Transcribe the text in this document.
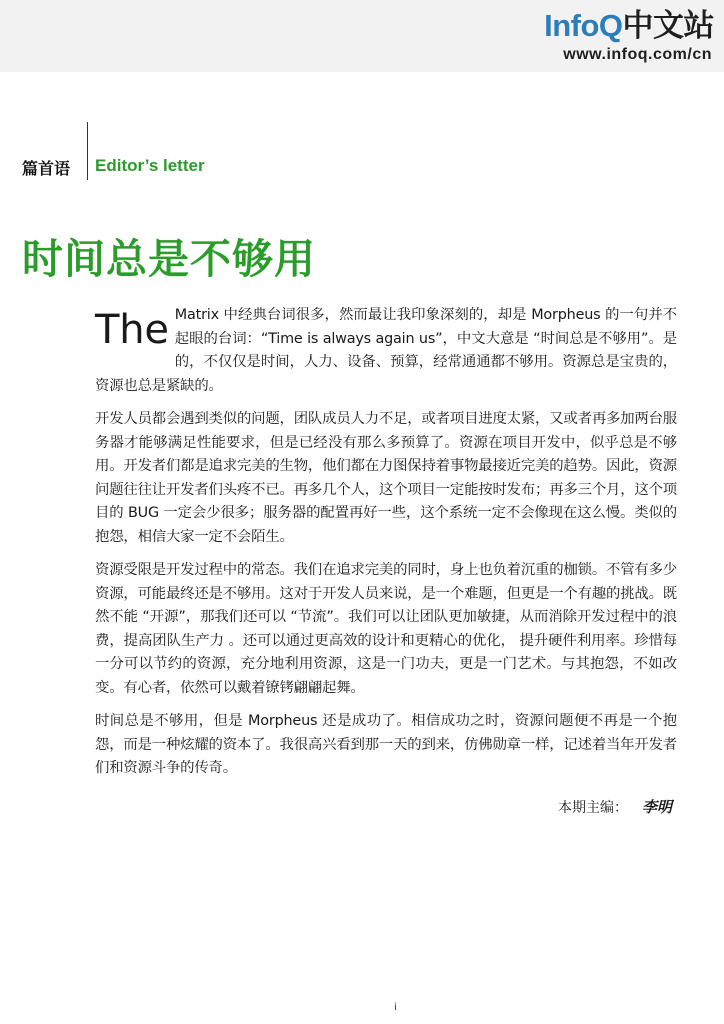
InfoQ中文站
www.infoq.com/cn
篇首语 Editor’s letter
时间总是不够用

The Matrix 中经典台词很多，然而最让我印象深刻的，却是 Morpheus 的一句并不起眼的台词：“Time is always again us”，中文大意是 “时间总是不够用”。是的，不仅仅是时间，人力、设备、预算，经常通通都不够用。资源总是宝贵的，资源也总是紧缺的。

开发人员都会遇到类似的问题，团队成员人力不足，或者项目进度太紧，又或者再多加两台服务器才能够满足性能要求，但是已经没有那么多预算了。资源在项目开发中，似乎总是不够用。开发者们都是追求完美的生物，他们都在力图保持着事物最接近完美的趋势。因此，资源问题往往让开发者们头疼不已。再多几个人，这个项目一定能按时发布；再多三个月，这个项目的 BUG 一定会少很多；服务器的配置再好一些，这个系统一定不会像现在这么慢。类似的抱怨，相信大家一定不会陌生。

资源受限是开发过程中的常态。我们在追求完美的同时，身上也负着沉重的枷锁。不管有多少资源，可能最终还是不够用。这对于开发人员来说，是一个难题，但更是一个有趣的挑战。既然不能 “开源”，那我们还可以 “节流”。我们可以让团队更加敏捷，从而消除开发过程中的浪费，提高团队生产力 。还可以通过更高效的设计和更精心的优化， 提升硬件利用率。珍惜每一分可以节约的资源，充分地利用资源，这是一门功夫，更是一门艺术。与其抱怨，不如改变。有心者，依然可以戴着镣铐翩翩起舞。

时间总是不够用，但是 Morpheus 还是成功了。相信成功之时，资源问题便不再是一个抱怨，而是一种炫耀的资本了。我很高兴看到那一天的到来，仿佛勋章一样，记述着当年开发者们和资源斗争的传奇。

本期主编： 李明
i
